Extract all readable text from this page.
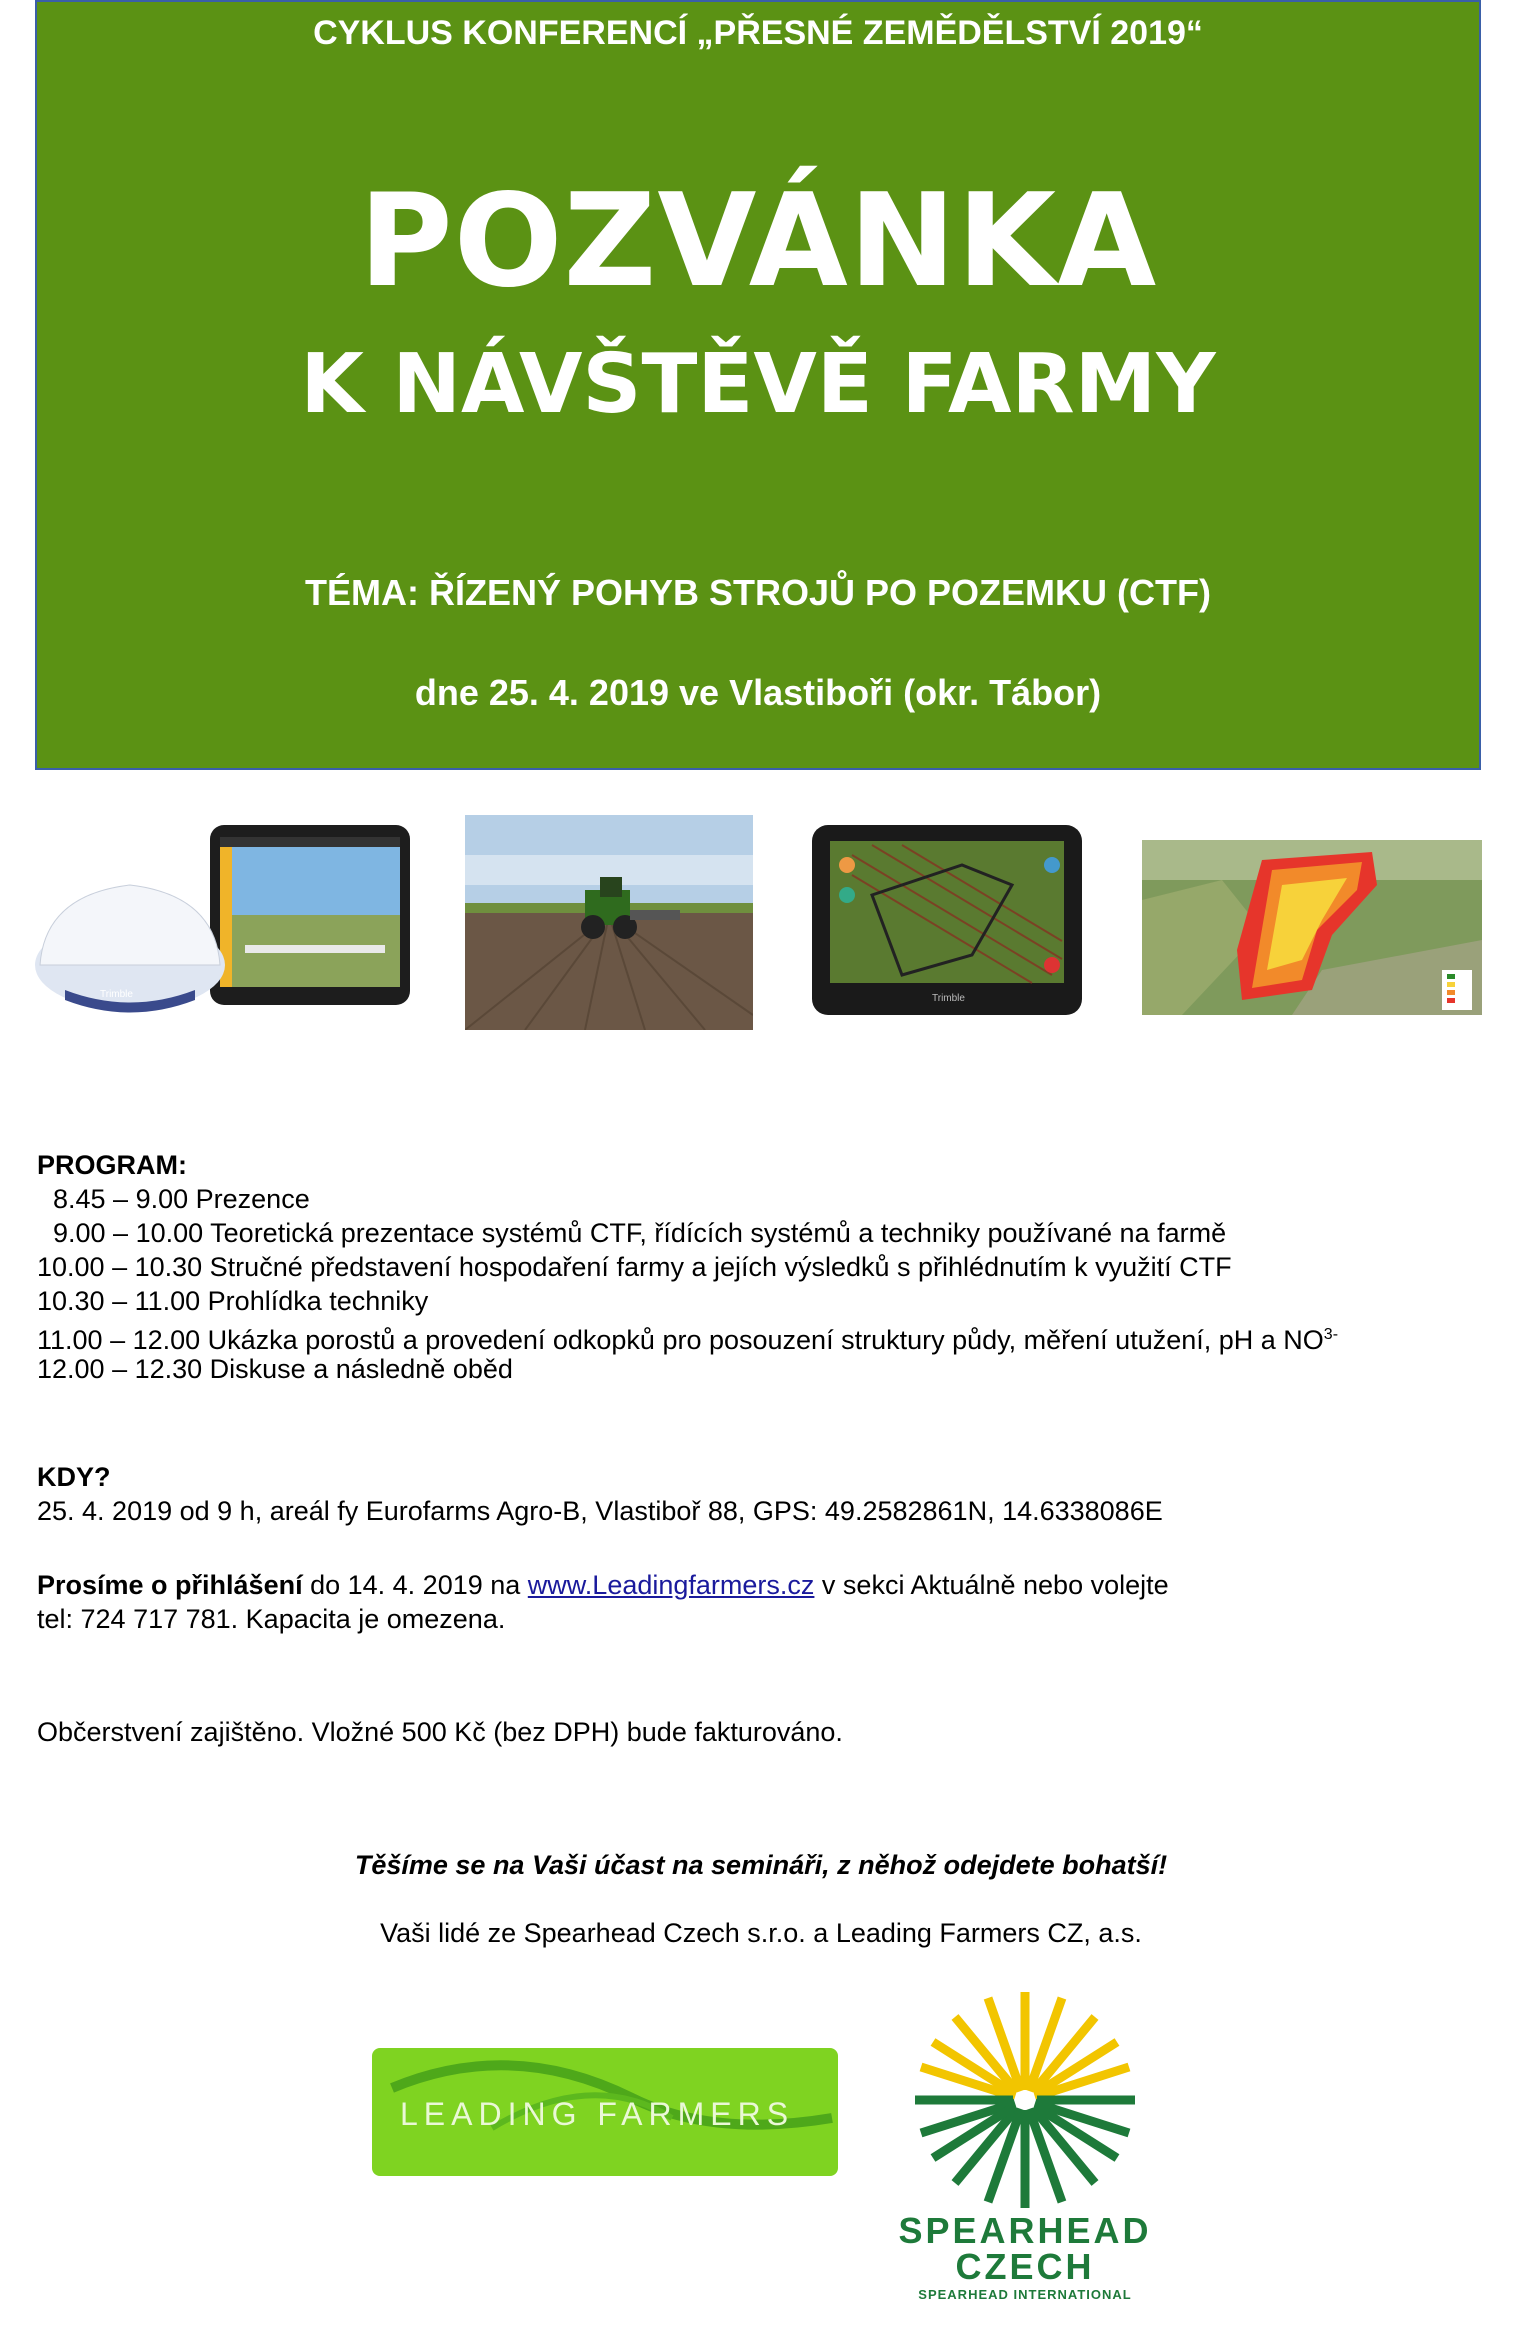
CYKLUS KONFERENCÍ „PŘESNÉ ZEMĚDĚLSTVÍ 2019“
POZVÁNKA
K NÁVŠTĚVĚ FARMY
TÉMA: ŘÍZENÝ POHYB STROJŮ PO POZEMKU (CTF)
dne 25. 4. 2019 ve Vlastiboři (okr. Tábor)
Trimble	Trimble
PROGRAM:
8.45 – 9.00 Prezence
9.00 – 10.00 Teoretická prezentace systémů CTF, řídících systémů a techniky používané na farmě
10.00 – 10.30 Stručné představení hospodaření farmy a jejích výsledků s přihlédnutím k využití CTF
10.30 – 11.00 Prohlídka techniky
11.00 – 12.00 Ukázka porostů a provedení odkopků pro posouzení struktury půdy, měření utužení, pH a $NO^{3-}$
12.00 – 12.30 Diskuse a následně oběd
KDY?
25. 4. 2019 od 9 h, areál fy Eurofarms Agro-B, Vlastiboř 88, GPS: 49.2582861N, 14.6338086E
Prosíme o přihlášení do 14. 4. 2019 na www.Leadingfarmers.cz v sekci Aktuálně nebo volejte
tel: 724 717 781. Kapacita je omezena.
Občerstvení zajištěno. Vložné 500 Kč (bez DPH) bude fakturováno.
Těšíme se na Vaši účast na semináři, z něhož odejdete bohatší!
Vaši lidé ze Spearhead Czech s.r.o. a Leading Farmers CZ, a.s.
LEADING FARMERS
SPEARHEAD
CZECH
SPEARHEAD INTERNATIONAL
